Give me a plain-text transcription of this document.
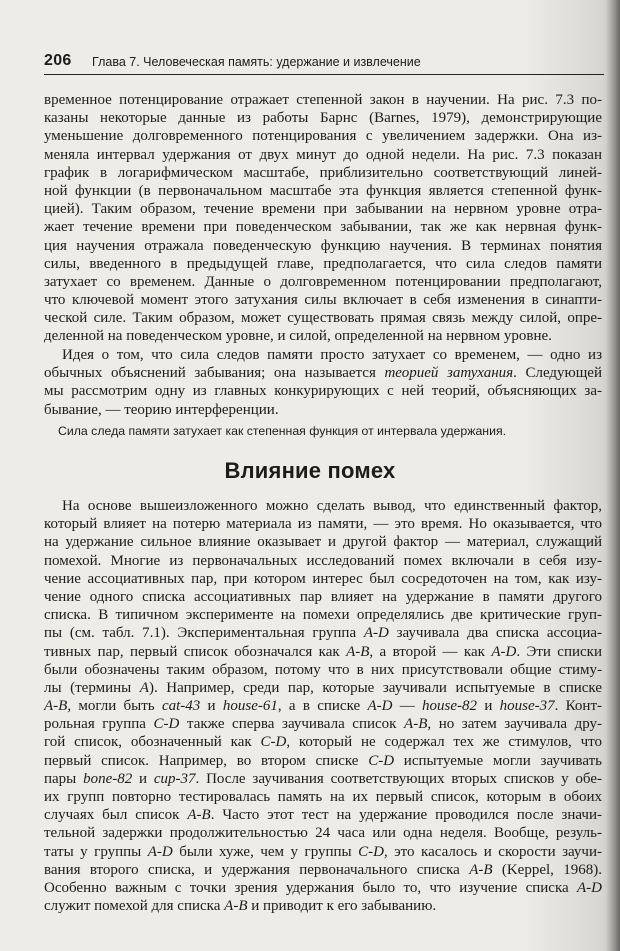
206 Глава 7. Человеческая память: удержание и извлечение
временное потенцирование отражает степенной закон в научении. На рис. 7.3 по-
казаны некоторые данные из работы Барнс (Barnes, 1979), демонстрирующие
уменьшение долговременного потенцирования с увеличением задержки. Она из-
меняла интервал удержания от двух минут до одной недели. На рис. 7.3 показан
график в логарифмическом масштабе, приблизительно соответствующий линей-
ной функции (в первоначальном масштабе эта функция является степенной функ-
цией). Таким образом, течение времени при забывании на нервном уровне отра-
жает течение времени при поведенческом забывании, так же как нервная функ-
ция научения отражала поведенческую функцию научения. В терминах понятия
силы, введенного в предыдущей главе, предполагается, что сила следов памяти
затухает со временем. Данные о долговременном потенцировании предполагают,
что ключевой момент этого затухания силы включает в себя изменения в синапти-
ческой силе. Таким образом, может существовать прямая связь между силой, опре-
деленной на поведенческом уровне, и силой, определенной на нервном уровне.
Идея о том, что сила следов памяти просто затухает со временем, — одно из
обычных объяснений забывания; она называется теорией затухания. Следующей
мы рассмотрим одну из главных конкурирующих с ней теорий, объясняющих за-
бывание, — теорию интерференции.
Сила следа памяти затухает как степенная функция от интервала удержания.
Влияние помех
На основе вышеизложенного можно сделать вывод, что единственный фактор,
который влияет на потерю материала из памяти, — это время. Но оказывается, что
на удержание сильное влияние оказывает и другой фактор — материал, служащий
помехой. Многие из первоначальных исследований помех включали в себя изу-
чение ассоциативных пар, при котором интерес был сосредоточен на том, как изу-
чение одного списка ассоциативных пар влияет на удержание в памяти другого
списка. В типичном эксперименте на помехи определялись две критические груп-
пы (см. табл. 7.1). Экспериментальная группа A-D заучивала два списка ассоциа-
тивных пар, первый список обозначался как A-B, а второй — как A-D. Эти списки
были обозначены таким образом, потому что в них присутствовали общие стиму-
лы (термины A). Например, среди пар, которые заучивали испытуемые в списке
A-B, могли быть cat-43 и house-61, а в списке A-D — house-82 и house-37. Конт-
рольная группа C-D также сперва заучивала список A-B, но затем заучивала дру-
гой список, обозначенный как C-D, который не содержал тех же стимулов, что
первый список. Например, во втором списке C-D испытуемые могли заучивать
пары bone-82 и cup-37. После заучивания соответствующих вторых списков у обе-
их групп повторно тестировалась память на их первый список, которым в обоих
случаях был список A-B. Часто этот тест на удержание проводился после значи-
тельной задержки продолжительностью 24 часа или одна неделя. Вообще, резуль-
таты у группы A-D были хуже, чем у группы C-D, это касалось и скорости заучи-
вания второго списка, и удержания первоначального списка A-B (Keppel, 1968).
Особенно важным с точки зрения удержания было то, что изучение списка A-D
служит помехой для списка A-B и приводит к его забыванию.
